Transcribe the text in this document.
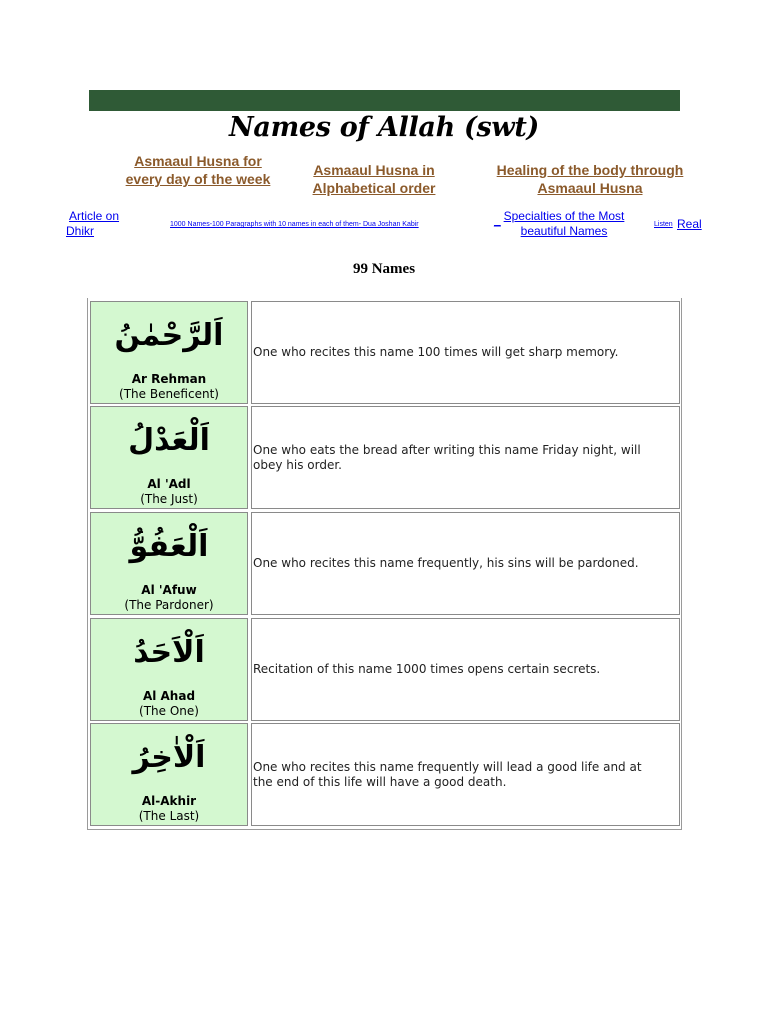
Names of Allah (swt)
Asmaaul Husna for every day of the week
Asmaaul Husna in Alphabetical order
Healing of the body through Asmaaul Husna
Article on Dhikr	1000 Names-100 Paragraphs with 10 names in each of them- Dua Joshan Kabir	_ Specialties of the Most beautiful Names	Listen Real
99 Names
اَلرَّحْمٰنُ
Ar Rehman
(The Beneficent)
One who recites this name 100 times will get sharp memory.
اَلْعَدْلُ
Al 'Adl
(The Just)
One who eats the bread after writing this name Friday night, will obey his order.
اَلْعَفُوُّ
Al 'Afuw
(The Pardoner)
One who recites this name frequently, his sins will be pardoned.
اَلْاَحَدُ
Al Ahad
(The One)
Recitation of this name 1000 times opens certain secrets.
اَلْاٰخِرُ
Al-Akhir
(The Last)
One who recites this name frequently will lead a good life and at the end of this life will have a good death.
